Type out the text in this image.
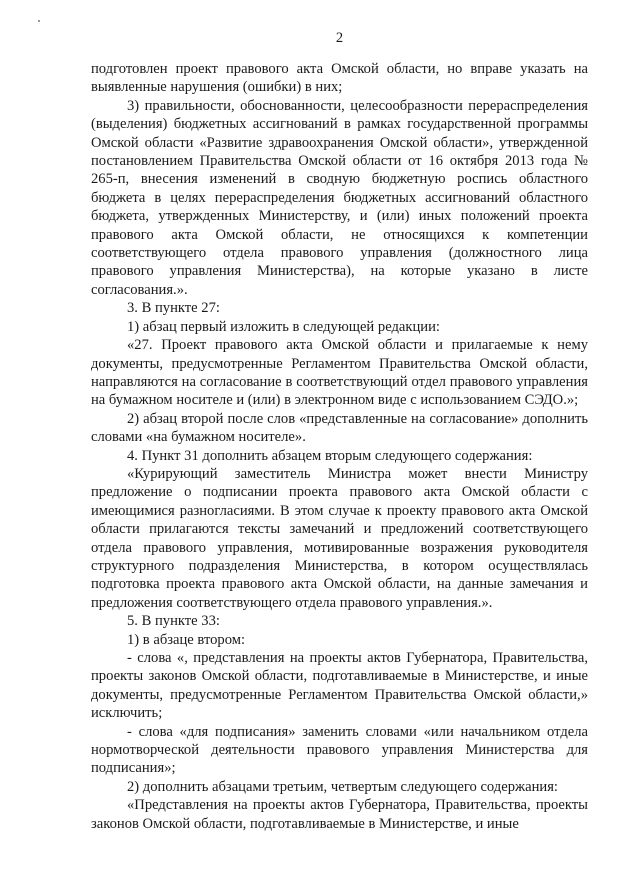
2

подготовлен проект правового акта Омской области, но вправе указать на выявленные нарушения (ошибки) в них;

3) правильности, обоснованности, целесообразности перераспределения (выделения) бюджетных ассигнований в рамках государственной программы Омской области «Развитие здравоохранения Омской области», утвержденной постановлением Правительства Омской области от 16 октября 2013 года № 265-п, внесения изменений в сводную бюджетную роспись областного бюджета в целях перераспределения бюджетных ассигнований областного бюджета, утвержденных Министерству, и (или) иных положений проекта правового акта Омской области, не относящихся к компетенции соответствующего отдела правового управления (должностного лица правового управления Министерства), на которые указано в листе согласования.».

3. В пункте 27:

1) абзац первый изложить в следующей редакции:

«27. Проект правового акта Омской области и прилагаемые к нему документы, предусмотренные Регламентом Правительства Омской области, направляются на согласование в соответствующий отдел правового управления на бумажном носителе и (или) в электронном виде с использованием СЭДО.»;

2) абзац второй после слов «представленные на согласование» дополнить словами «на бумажном носителе».

4. Пункт 31 дополнить абзацем вторым следующего содержания:

«Курирующий заместитель Министра может внести Министру предложение о подписании проекта правового акта Омской области с имеющимися разногласиями. В этом случае к проекту правового акта Омской области прилагаются тексты замечаний и предложений соответствующего отдела правового управления, мотивированные возражения руководителя структурного подразделения Министерства, в котором осуществлялась подготовка проекта правового акта Омской области, на данные замечания и предложения соответствующего отдела правового управления.».

5. В пункте 33:

1) в абзаце втором:

- слова «, представления на проекты актов Губернатора, Правительства, проекты законов Омской области, подготавливаемые в Министерстве, и иные документы, предусмотренные Регламентом Правительства Омской области,» исключить;

- слова «для подписания» заменить словами «или начальником отдела нормотворческой деятельности правового управления Министерства для подписания»;

2) дополнить абзацами третьим, четвертым следующего содержания:

«Представления на проекты актов Губернатора, Правительства, проекты законов Омской области, подготавливаемые в Министерстве, и иные
